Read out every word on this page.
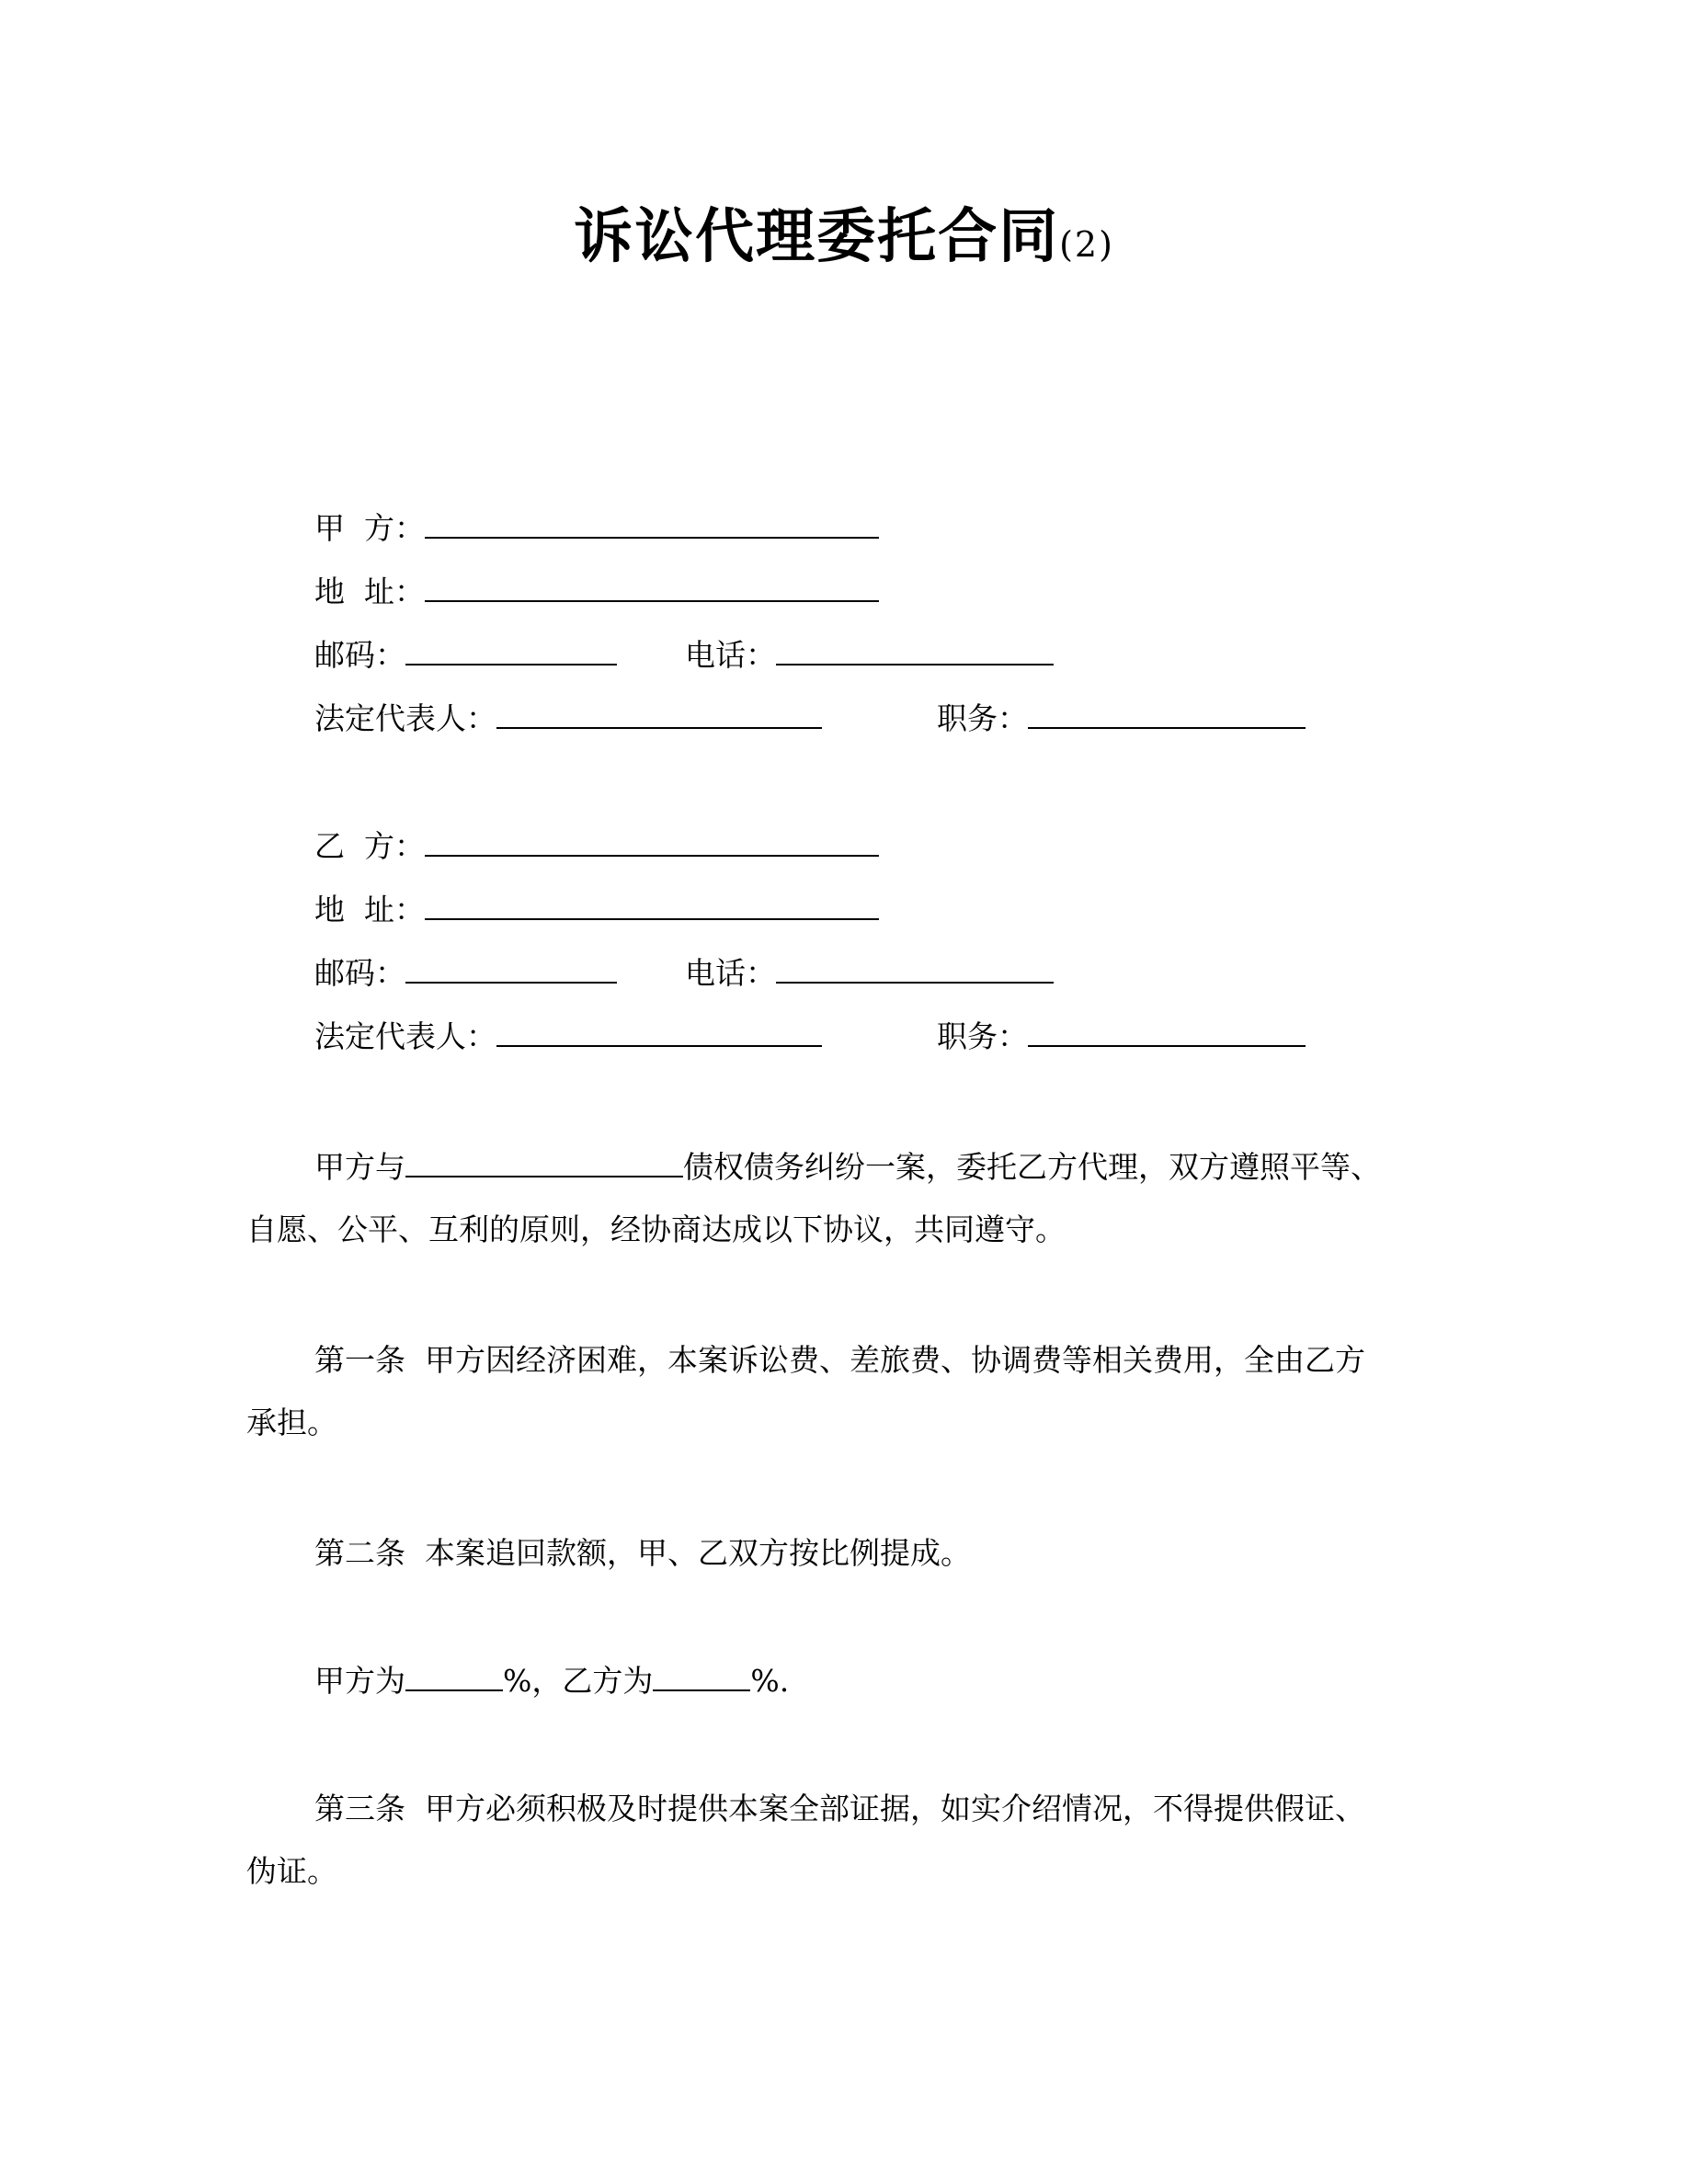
诉讼代理委托合同(2)
甲  方：
地  址：
邮码：	电话：
法定代表人：	职务：
乙  方：
地  址：
邮码：	电话：
法定代表人：	职务：
甲方与	债权债务纠纷一案，委托乙方代理，双方遵照平等、
自愿、公平、互利的原则，经协商达成以下协议，共同遵守。
第一条  甲方因经济困难，本案诉讼费、差旅费、协调费等相关费用，全由乙方
承担。
第二条  本案追回款额，甲、乙双方按比例提成。
甲方为	%，乙方为	%.
第三条  甲方必须积极及时提供本案全部证据，如实介绍情况，不得提供假证、
伪证。
